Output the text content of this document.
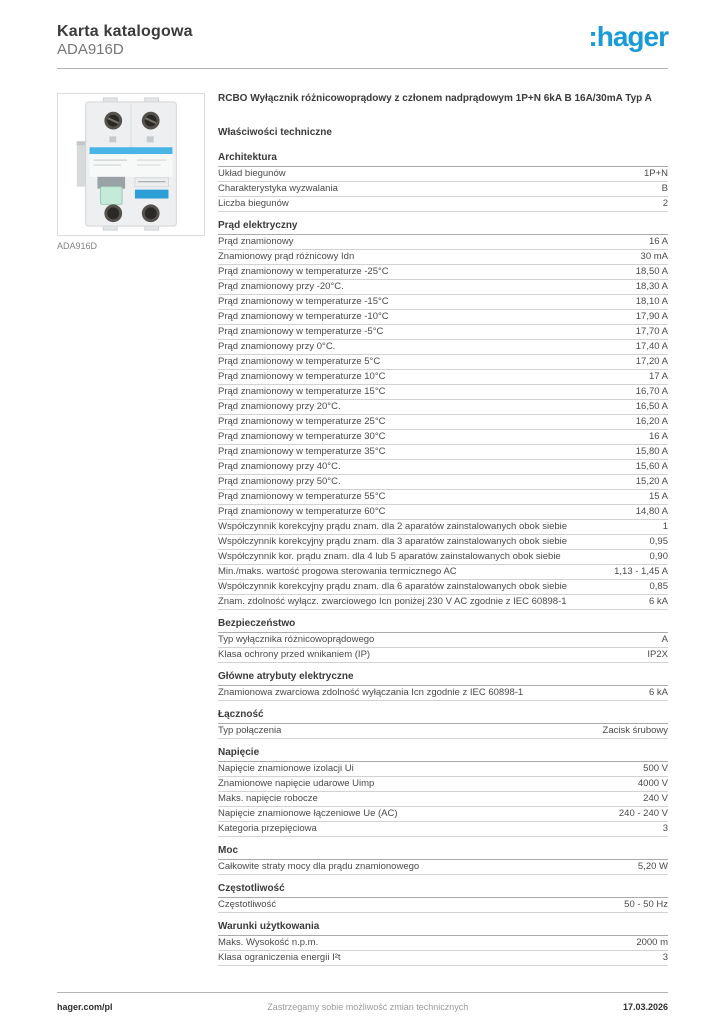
Karta katalogowa
ADA916D	:hager
ADA916D
RCBO Wyłącznik różnicowoprądowy z członem nadprądowym 1P+N 6kA B 16A/30mA Typ A
Właściwości techniczne
Architektura
Układ biegunów	1P+N
Charakterystyka wyzwalania	B
Liczba biegunów	2
Prąd elektryczny
Prąd znamionowy	16 A
Znamionowy prąd różnicowy Idn	30 mA
Prąd znamionowy w temperaturze -25°C	18,50 A
Prąd znamionowy przy -20°C.	18,30 A
Prąd znamionowy w temperaturze -15°C	18,10 A
Prąd znamionowy w temperaturze -10°C	17,90 A
Prąd znamionowy w temperaturze -5°C	17,70 A
Prąd znamionowy przy 0°C.	17,40 A
Prąd znamionowy w temperaturze 5°C	17,20 A
Prąd znamionowy w temperaturze 10°C	17 A
Prąd znamionowy w temperaturze 15°C	16,70 A
Prąd znamionowy przy 20°C.	16,50 A
Prąd znamionowy w temperaturze 25°C	16,20 A
Prąd znamionowy w temperaturze 30°C	16 A
Prąd znamionowy w temperaturze 35°C	15,80 A
Prąd znamionowy przy 40°C.	15,60 A
Prąd znamionowy przy 50°C.	15,20 A
Prąd znamionowy w temperaturze 55°C	15 A
Prąd znamionowy w temperaturze 60°C	14,80 A
Współczynnik korekcyjny prądu znam. dla 2 aparatów zainstalowanych obok siebie	1
Współczynnik korekcyjny prądu znam. dla 3 aparatów zainstalowanych obok siebie	0,95
Współczynnik kor. prądu znam. dla 4 lub 5 aparatów zainstalowanych obok siebie	0,90
Min./maks. wartość progowa sterowania termicznego AC	1,13 - 1,45 A
Współczynnik korekcyjny prądu znam. dla 6 aparatów zainstalowanych obok siebie	0,85
Znam. zdolność wyłącz. zwarciowego Icn poniżej 230 V AC zgodnie z IEC 60898-1	6 kA
Bezpieczeństwo
Typ wyłącznika różnicowoprądowego	A
Klasa ochrony przed wnikaniem (IP)	IP2X
Główne atrybuty elektryczne
Znamionowa zwarciowa zdolność wyłączania Icn zgodnie z IEC 60898-1	6 kA
Łączność
Typ połączenia	Zacisk śrubowy
Napięcie
Napięcie znamionowe izolacji Ui	500 V
Znamionowe napięcie udarowe Uimp	4000 V
Maks. napięcie robocze	240 V
Napięcie znamionowe łączeniowe Ue (AC)	240 - 240 V
Kategoria przepięciowa	3
Moc
Całkowite straty mocy dla prądu znamionowego	5,20 W
Częstotliwość
Częstotliwość	50 - 50 Hz
Warunki użytkowania
Maks. Wysokość n.p.m.	2000 m
Klasa ograniczenia energii I²t	3
hager.com/pl	Zastrzegamy sobie możliwość zmian technicznych	17.03.2026
